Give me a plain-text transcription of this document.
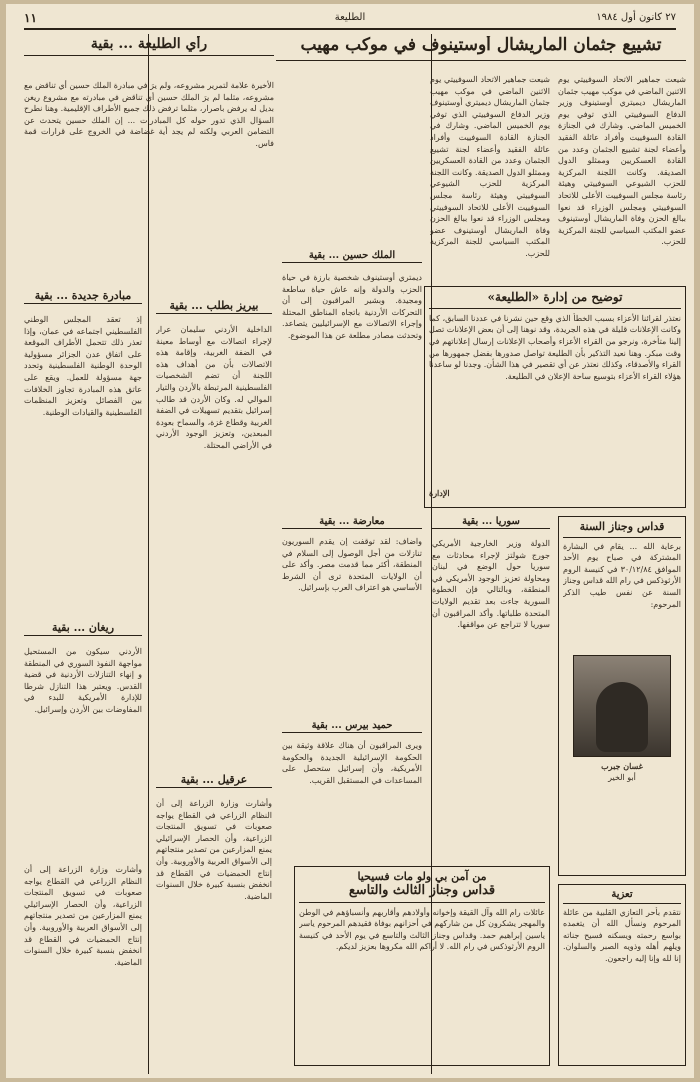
٢٧ كانون أول ١٩٨٤
الطليعة
١١
تشييع جثمان الماريشال أوستينوف في موكب مهيب
شيعت جماهير الاتحاد السوفييتي يوم الاثنين الماضي في موكب مهيب جثمان الماريشال ديميتري أوستينوف وزير الدفاع السوفييتي الذي توفي يوم الخميس الماضي. وشارك في الجنازة القادة السوفييت وأفراد عائلة الفقيد وأعضاء لجنة تشييع الجثمان وعدد من القادة العسكريين وممثلو الدول الصديقة. وكانت اللجنة المركزية للحزب الشيوعي السوفييتي وهيئة رئاسة مجلس السوفييت الأعلى للاتحاد السوفييتي ومجلس الوزراء قد نعوا ببالغ الحزن وفاة الماريشال أوستينوف عضو المكتب السياسي للجنة المركزية للحزب.
شيعت جماهير الاتحاد السوفييتي يوم الاثنين الماضي في موكب مهيب جثمان الماريشال ديميتري أوستينوف وزير الدفاع السوفييتي الذي توفي يوم الخميس الماضي. وشارك في الجنازة القادة السوفييت وأفراد عائلة الفقيد وأعضاء لجنة تشييع الجثمان وعدد من القادة العسكريين وممثلو الدول الصديقة. وكانت اللجنة المركزية للحزب الشيوعي السوفييتي وهيئة رئاسة مجلس السوفييت الأعلى للاتحاد السوفييتي ومجلس الوزراء قد نعوا ببالغ الحزن وفاة الماريشال أوستينوف عضو المكتب السياسي للجنة المركزية للحزب.
رأي الطليعة ... بقية
الأخيرة علامة لتمرير مشروعه، ولم يرَ في مبادرة الملك حسين أي تناقض مع مشروعه، مثلما لم يرَ الملك حسين أي تناقض في مبادرته مع مشروع ريغن بديل له يرفض باصرار، مثلما ترفض ذلك جميع الأطراف الإقليمية. وهنا نطرح السؤال الذي تدور حوله كل المبادرات ... إن الملك حسين يتحدث عن التضامن العربي ولكنه لم يجد أية غضاضة في الخروج على قرارات قمة فاس.
الملك حسين ... بقية
ديمتري أوستينوف شخصية بارزة في حياة الحزب والدولة وإنه عاش حياة ساطعة ومجيدة. وبشير المراقبون إلى أن التحركات الأردنية باتجاه المناطق المحتلة وإجراء الاتصالات مع الإسرائيليين يتصاعد. وتحدثت مصادر مطلعة عن هذا الموضوع.
توضيح من إدارة «الطليعة»
نعتذر لقرائنا الأعزاء بسبب الخطأ الذي وقع حين نشرنا في عددنا السابق، كما وكانت الإعلانات قليلة في هذه الجريدة، وقد نوهنا إلى أن بعض الإعلانات تصل إلينا متأخرة، ونرجو من القراء الأعزاء وأصحاب الإعلانات إرسال إعلاناتهم في وقت مبكر. وهنا نعيد التذكير بأن الطليعة تواصل صدورها بفضل جمهورها من القراء والأصدقاء، وكذلك نعتذر عن أي تقصير في هذا الشأن. وجدنا لو ساعدنا هؤلاء القراء الأعزاء بتوسيع ساحة الإعلان في الطليعة.
الإدارة
مبادرة جديدة ... بقية
إذ تعقد المجلس الوطني الفلسطيني اجتماعه في عمان، وإذا تعذر ذلك تتحمل الأطراف الموقعة على اتفاق عدن الجزائر مسؤولية الوحدة الوطنية الفلسطينية وتحدد جهة مسؤولة للعمل. ويقع على عاتق هذه المبادرة تجاوز الخلافات بين الفصائل وتعزيز المنظمات الفلسطينية والقيادات الوطنية.
بيريز بطلب ... بقية
الداخلية الأردني سليمان عرار لإجراء اتصالات مع أوساط معينة في الضفة الغربية، وإقامة هذه الاتصالات بأن من أهداف هذه اللجنة أن تضم الشخصيات الفلسطينية المرتبطة بالأردن والتيار الموالي له. وكان الأردن قد طالب إسرائيل بتقديم تسهيلات في الضفة الغربية وقطاع غزة، والسماح بعودة المبعدين، وتعزيز الوجود الأردني في الأراضي المحتلة.
معارضة ... بقية
واضاف: لقد توقفت إن يقدم السوريون تنازلات من أجل الوصول إلى السلام في المنطقة، أكثر مما قدمت مصر. وأكد على أن الولايات المتحدة ترى أن الشرط الأساسي هو اعتراف العرب بإسرائيل.
قداس وجناز السنة
برعاية الله ... يقام في البشارة المشتركة في صباح يوم الأحد الموافق ٣٠/١٢/٨٤ في كنيسة الروم الأرثوذكس في رام الله قداس وجناز السنة عن نفس طيب الذكر المرحوم:
غسان جبرب
أبو الخير
سوريا ... بقية
الدولة وزير الخارجية الأمريكي جورج شولتز لإجراء محادثات مع سوريا حول الوضع في لبنان ومحاولة تعزيز الوجود الأمريكي في المنطقة، وبالتالي فإن الخطوة السورية جاءت بعد تقديم الولايات المتحدة طلباتها. وأكد المراقبون أن سوريا لا تتراجع عن مواقفها.
ريغان ... بقية
الأردني سيكون من المستحيل مواجهة النفوذ السوري في المنطقة و إنهاء التنازلات الأردنية في قضية القدس. ويعتبر هذا التنازل شرطا للإدارة الأمريكية للبدء في المفاوضات بين الأردن وإسرائيل.
حميد بيرس ... بقية
ويرى المراقبون أن هناك علاقة وثيقة بين الحكومة الإسرائيلية الجديدة والحكومة الأمريكية، وأن إسرائيل ستحصل على المساعدات في المستقبل القريب.
عرقيل ... بقية
وأشارت وزارة الزراعة إلى أن النظام الزراعي في القطاع يواجه صعوبات في تسويق المنتجات الزراعية، وأن الحصار الإسرائيلي يمنع المزارعين من تصدير منتجاتهم إلى الأسواق العربية والأوروبية. وأن إنتاج الحمضيات في القطاع قد انخفض بنسبة كبيرة خلال السنوات الماضية.
وأشارت وزارة الزراعة إلى أن النظام الزراعي في القطاع يواجه صعوبات في تسويق المنتجات الزراعية، وأن الحصار الإسرائيلي يمنع المزارعين من تصدير منتجاتهم إلى الأسواق العربية والأوروبية. وأن إنتاج الحمضيات في القطاع قد انخفض بنسبة كبيرة خلال السنوات الماضية.
من آمن بي ولو مات فسيحيا
قداس وجناز الثالث والتاسع
عائلات رام الله وآل القيقة وإخوانه وأولادهم وأقاربهم وأنسباؤهم في الوطن والمهجر يشكرون كل من شاركهم في أحزانهم بوفاة فقيدهم المرحوم ياسر ياسين إبراهيم حمد. وقداس وجناز الثالث والتاسع في يوم الأحد في كنيسة الروم الأرثوذكس في رام الله. لا أراكم الله مكروها بعزيز لديكم.
تعزية
نتقدم بأحر التعازي القلبية من عائلة المرحوم ونسأل الله أن يتغمده بواسع رحمته ويسكنه فسيح جناته ويلهم أهله وذويه الصبر والسلوان. إنا لله وإنا إليه راجعون.
